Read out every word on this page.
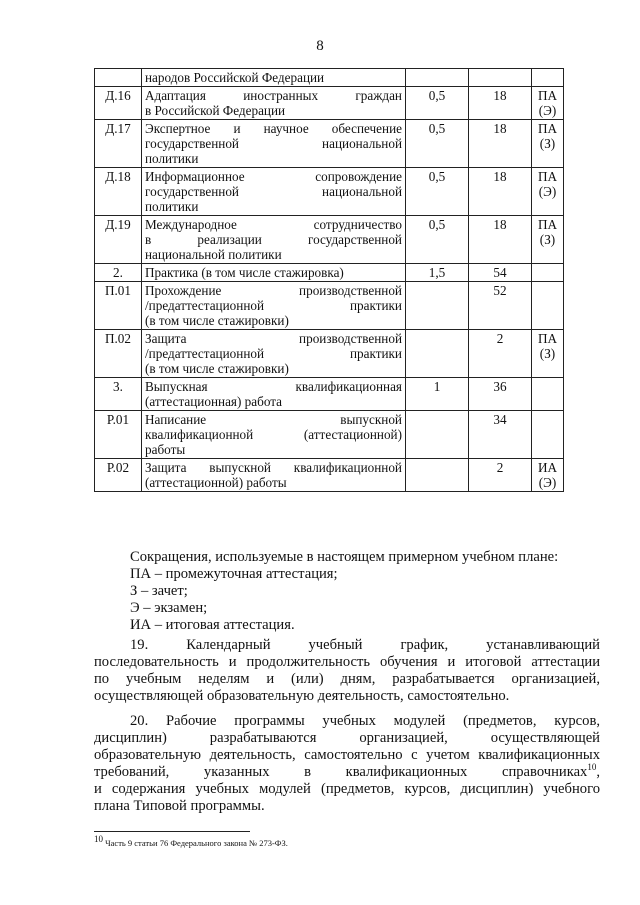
8

	народов Российской Федерации			

Д.16	Адаптация иностранных граждан
в Российской Федерации	0,5	18	ПА (Э)
Д.17	Экспертное и научное обеспечение
государственной национальной
политики	0,5	18	ПА (З)
Д.18	Информационное сопровождение
государственной национальной
политики	0,5	18	ПА (Э)
Д.19	Международное сотрудничество
в реализации государственной
национальной политики	0,5	18	ПА (З)
2.	Практика (в том числе стажировка)	1,5	54	
П.01	Прохождение производственной
/предаттестационной практики
(в том числе стажировки)		52	
П.02	Защита производственной
/предаттестационной практики
(в том числе стажировки)		2	ПА (З)
3.	Выпускная квалификационная
(аттестационная) работа	1	36	
Р.01	Написание выпускной
квалификационной (аттестационной)
работы		34	
Р.02	Защита выпускной квалификационной
(аттестационной) работы		2	ИА (Э)

Сокращения, используемые в настоящем примерном учебном плане:

ПА – промежуточная аттестация;

З – зачет;

Э – экзамен;

ИА – итоговая аттестация.

19. Календарный учебный график, устанавливающий

последовательность и продолжительность обучения и итоговой аттестации

по учебным неделям и (или) дням, разрабатывается организацией,

осуществляющей образовательную деятельность, самостоятельно.

20. Рабочие программы учебных модулей (предметов, курсов,

дисциплин) разрабатываются организацией, осуществляющей

образовательную деятельность, самостоятельно с учетом квалификационных

требований, указанных в квалификационных справочниках$^{10}$,

и содержания учебных модулей (предметов, курсов, дисциплин) учебного

плана Типовой программы.

$^{10}$ Часть 9 статьи 76 Федерального закона № 273-ФЗ.
